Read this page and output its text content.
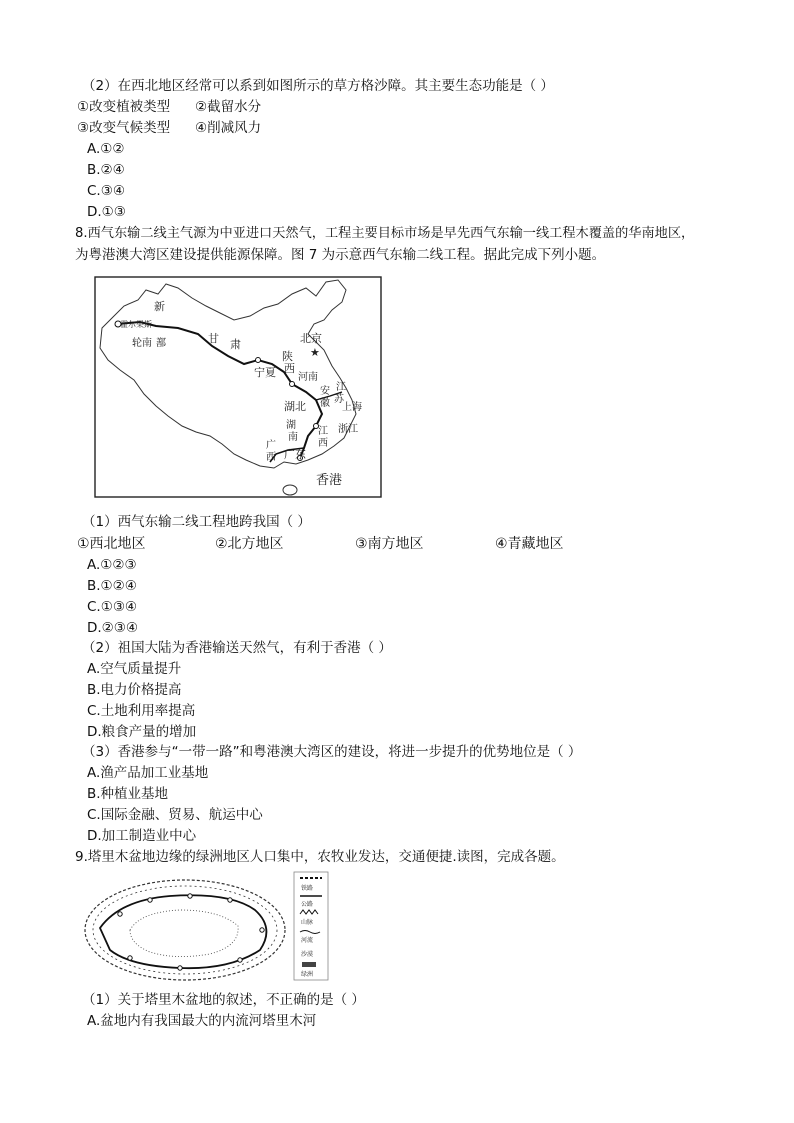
（2）在西北地区经常可以系到如图所示的草方格沙障。其主要生态功能是（ ）
①改变植被类型 ②截留水分
③改变气候类型 ④削减风力
A.①②
B.②④
C.③④
D.①③
8.西气东输二线主气源为中亚进口天然气，工程主要目标市场是早先西气东输一线工程木覆盖的华南地区，
为粤港澳大湾区建设提供能源保障。图 7 为示意西气东输二线工程。据此完成下列小题。
★
新
霍尔果斯
轮南 鄯	甘 肃	北京
陕
西
宁夏 河南
安
徽
江
苏
上海
湖北
浙江
湖
南
江
西
广
西 广东
香港
（1）西气东输二线工程地跨我国（ ）
①西北地区	②北方地区	③南方地区	④青藏地区
A.①②③
B.①②④
C.①③④
D.②③④
（2）祖国大陆为香港输送天然气，有利于香港（ ）
A.空气质量提升
B.电力价格提高
C.土地利用率提高
D.粮食产量的增加
（3）香港参与“一带一路”和粤港澳大湾区的建设，将进一步提升的优势地位是（ ）
A.渔产品加工业基地
B.种植业基地
C.国际金融、贸易、航运中心
D.加工制造业中心
9.塔里木盆地边缘的绿洲地区人口集中，农牧业发达，交通便捷.读图，完成各题。
铁路
公路
山脉
河流
沙漠
绿洲
（1）关于塔里木盆地的叙述，不正确的是（ ）
A.盆地内有我国最大的内流河塔里木河
